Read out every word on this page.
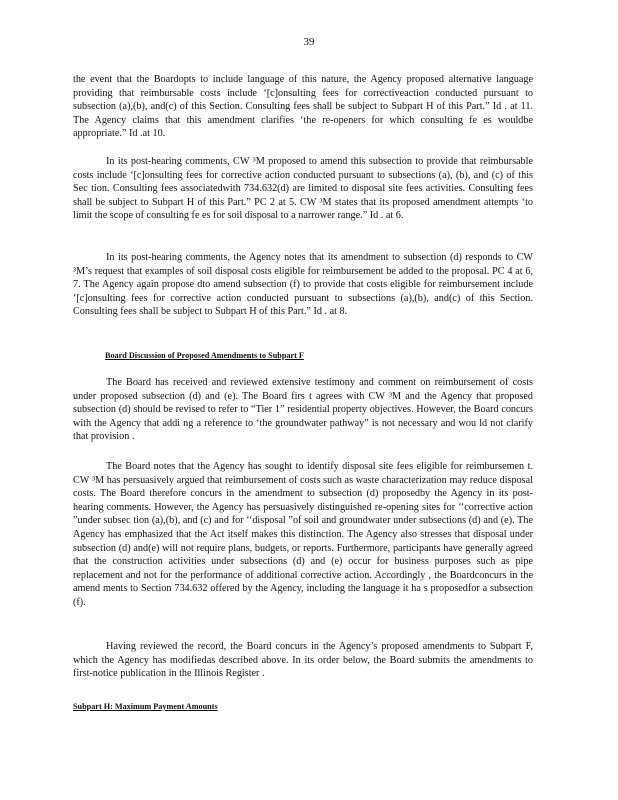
39

the event that the Boardopts to include language of this nature, the Agency proposed alternative language providing that reimbursable costs include ‘[c]onsulting fees for correctiveaction conducted pursuant to subsection (a),(b), and(c) of this Section. Consulting fees shall be subject to Subpart H of this Part.” Id . at 11. The Agency claims that this amendment clarifies ‘the re-openers for which consulting fe es wouldbe appropriate.” Id .at 10.

In its post-hearing comments, CW ³M proposed to amend this subsection to provide that reimbursable costs include ‘[c]onsulting fees for corrective action conducted pursuant to subsections (a), (b), and (c) of this Sec tion. Consulting fees associatedwith 734.632(d) are limited to disposal site fees activities. Consulting fees shall be subject to Subpart H of this Part.” PC 2 at 5. CW ³M states that its proposed amendment attempts ‘to limit the scope of consulting fe es for soil disposal to a narrower range.” Id . at 6.

In its post-hearing comments, the Agency notes that its amendment to subsection (d) responds to CW ³M’s request that examples of soil disposal costs eligible for reimbursement be added to the proposal. PC 4 at 6, 7. The Agency again propose dto amend subsection (f) to provide that costs eligible for reimbursement include ‘[c]onsulting fees for corrective action conducted pursuant to subsections (a),(b), and(c) of this Section. Consulting fees shall be subject to Subpart H of this Part.” Id . at 8.

Board Discussion of Proposed Amendments to Subpart F

The Board has received and reviewed extensive testimony and comment on reimbursement of costs under proposed subsection (d) and (e). The Board firs t agrees with CW ³M and the Agency that proposed subsection (d) should be revised to refer to “Tier 1” residential property objectives. However, the Board concurs with the Agency that addi ng a reference to ‘the groundwater pathway” is not necessary and wou ld not clarify that provision .

The Board notes that the Agency has sought to identify disposal site fees eligible for reimbursemen t. CW ³M has persuasively argued that reimbursement of costs such as waste characterization may reduce disposal costs. The Board therefore concurs in the amendment to subsection (d) proposedby the Agency in its post-hearing comments. However, the Agency has persuasively distinguished re-opening sites for ‘‘corrective action ”under subsec tion (a),(b), and (c) and for ‘‘disposal ”of soil and groundwater under subsections (d) and (e). The Agency has emphasized that the Act itself makes this distinction. The Agency also stresses that disposal under subsection (d) and(e) will not require plans, budgets, or reports. Furthermore, participants have generally agreed that the construction activities under subsections (d) and (e) occur for business purposes such as pipe replacement and not for the performance of additional corrective action. Accordingly , the Boardconcurs in the amend ments to Section 734.632 offered by the Agency, including the language it ha s proposedfor a subsection (f).

Having reviewed the record, the Board concurs in the Agency’s proposed amendments to Subpart F, which the Agency has modifiedas described above. In its order below, the Board submits the amendments to first-notice publication in the Illinois Register .

Subpart H: Maximum Payment Amounts
